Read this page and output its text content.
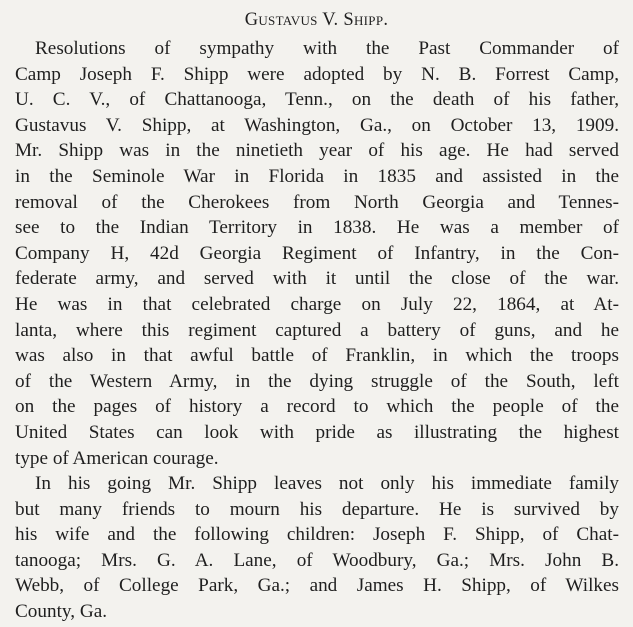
Gustavus V. Shipp.
Resolutions of sympathy with the Past Commander of
Camp Joseph F. Shipp were adopted by N. B. Forrest Camp,
U. C. V., of Chattanooga, Tenn., on the death of his father,
Gustavus V. Shipp, at Washington, Ga., on October 13, 1909.
Mr. Shipp was in the ninetieth year of his age. He had served
in the Seminole War in Florida in 1835 and assisted in the
removal of the Cherokees from North Georgia and Tennes-
see to the Indian Territory in 1838. He was a member of
Company H, 42d Georgia Regiment of Infantry, in the Con-
federate army, and served with it until the close of the war.
He was in that celebrated charge on July 22, 1864, at At-
lanta, where this regiment captured a battery of guns, and he
was also in that awful battle of Franklin, in which the troops
of the Western Army, in the dying struggle of the South, left
on the pages of history a record to which the people of the
United States can look with pride as illustrating the highest
type of American courage.
In his going Mr. Shipp leaves not only his immediate family
but many friends to mourn his departure. He is survived by
his wife and the following children: Joseph F. Shipp, of Chat-
tanooga; Mrs. G. A. Lane, of Woodbury, Ga.; Mrs. John B.
Webb, of College Park, Ga.; and James H. Shipp, of Wilkes
County, Ga.
